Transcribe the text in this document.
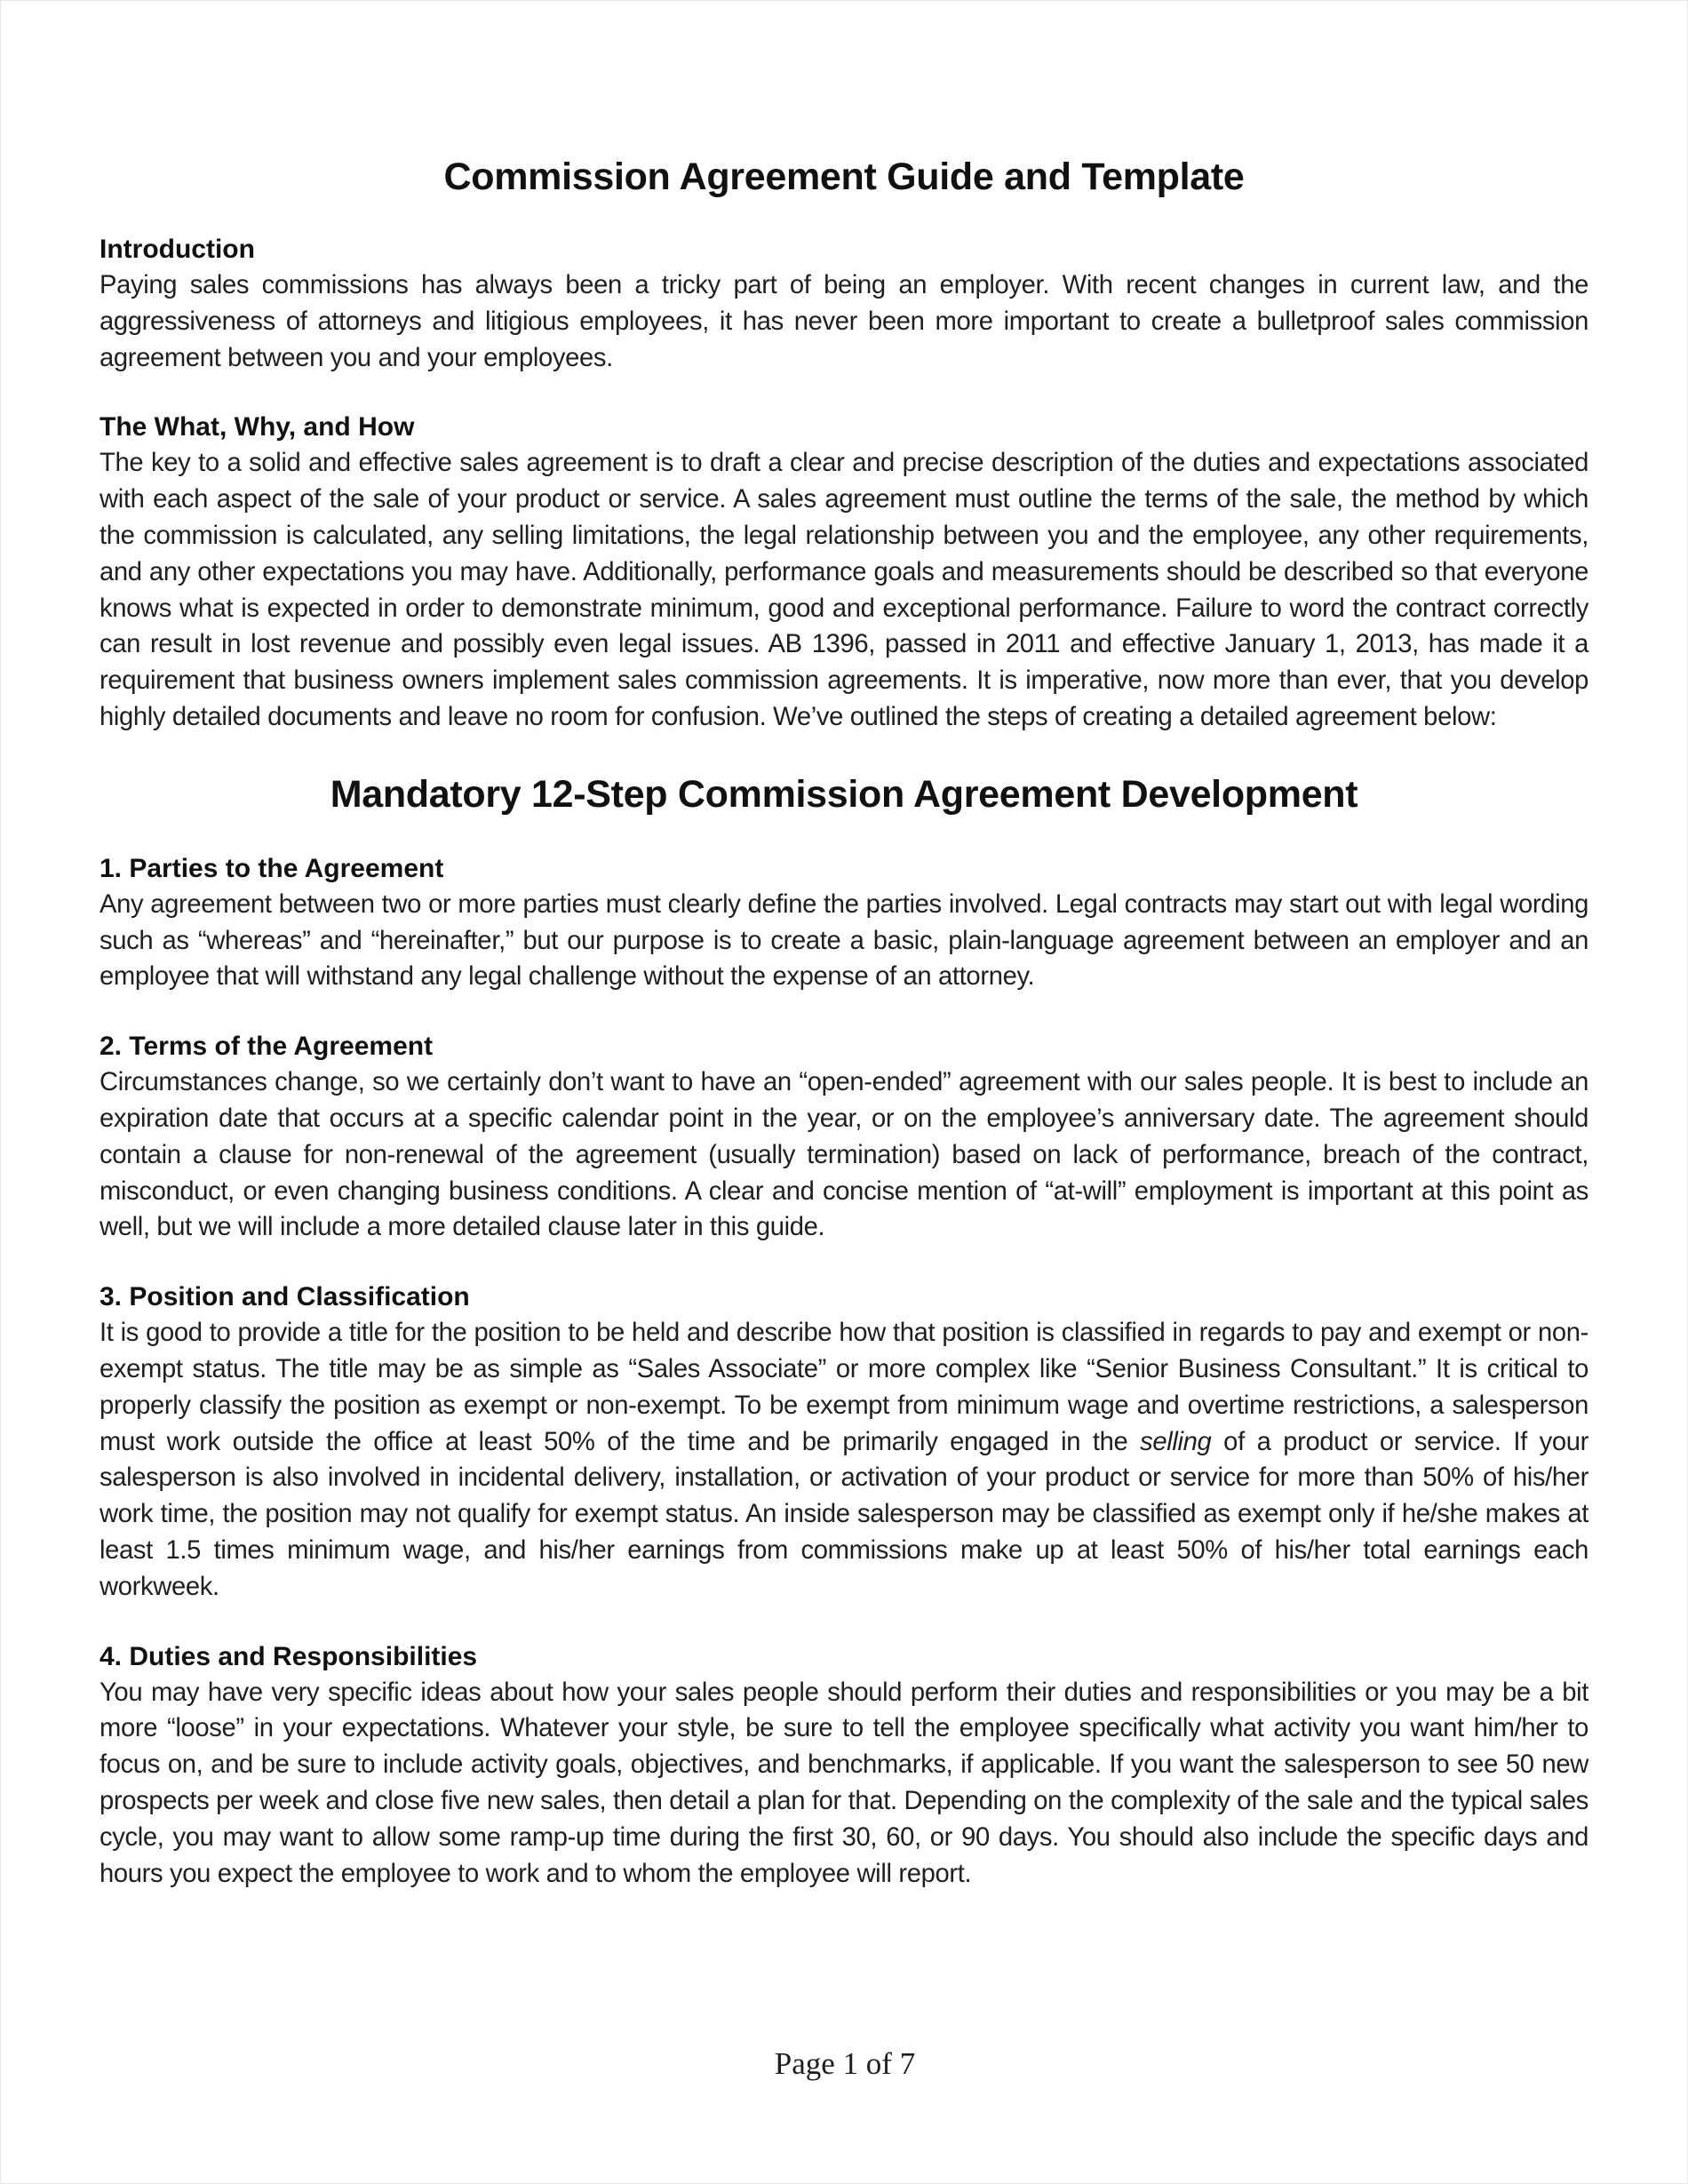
Commission Agreement Guide and Template

Introduction

Paying sales commissions has always been a tricky part of being an employer. With recent changes in current law, and the aggressiveness of attorneys and litigious employees, it has never been more important to create a bulletproof sales commission agreement between you and your employees.

The What, Why, and How

The key to a solid and effective sales agreement is to draft a clear and precise description of the duties and expectations associated with each aspect of the sale of your product or service. A sales agreement must outline the terms of the sale, the method by which the commission is calculated, any selling limitations, the legal relationship between you and the employee, any other requirements, and any other expectations you may have. Additionally, performance goals and measurements should be described so that everyone knows what is expected in order to demonstrate minimum, good and exceptional performance. Failure to word the contract correctly can result in lost revenue and possibly even legal issues. AB 1396, passed in 2011 and effective January 1, 2013, has made it a requirement that business owners implement sales commission agreements. It is imperative, now more than ever, that you develop highly detailed documents and leave no room for confusion. We’ve outlined the steps of creating a detailed agreement below:

Mandatory 12-Step Commission Agreement Development

1. Parties to the Agreement

Any agreement between two or more parties must clearly define the parties involved. Legal contracts may start out with legal wording such as “whereas” and “hereinafter,” but our purpose is to create a basic, plain-language agreement between an employer and an employee that will withstand any legal challenge without the expense of an attorney.

2. Terms of the Agreement

Circumstances change, so we certainly don’t want to have an “open-ended” agreement with our sales people. It is best to include an expiration date that occurs at a specific calendar point in the year, or on the employee’s anniversary date. The agreement should contain a clause for non-renewal of the agreement (usually termination) based on lack of performance, breach of the contract, misconduct, or even changing business conditions. A clear and concise mention of “at-will” employment is important at this point as well, but we will include a more detailed clause later in this guide.

3. Position and Classification

It is good to provide a title for the position to be held and describe how that position is classified in regards to pay and exempt or non-exempt status. The title may be as simple as “Sales Associate” or more complex like “Senior Business Consultant.” It is critical to properly classify the position as exempt or non-exempt. To be exempt from minimum wage and overtime restrictions, a salesperson must work outside the office at least 50% of the time and be primarily engaged in the selling of a product or service. If your salesperson is also involved in incidental delivery, installation, or activation of your product or service for more than 50% of his/her work time, the position may not qualify for exempt status. An inside salesperson may be classified as exempt only if he/she makes at least 1.5 times minimum wage, and his/her earnings from commissions make up at least 50% of his/her total earnings each workweek.

4. Duties and Responsibilities

You may have very specific ideas about how your sales people should perform their duties and responsibilities or you may be a bit more “loose” in your expectations. Whatever your style, be sure to tell the employee specifically what activity you want him/her to focus on, and be sure to include activity goals, objectives, and benchmarks, if applicable. If you want the salesperson to see 50 new prospects per week and close five new sales, then detail a plan for that. Depending on the complexity of the sale and the typical sales cycle, you may want to allow some ramp-up time during the first 30, 60, or 90 days. You should also include the specific days and hours you expect the employee to work and to whom the employee will report.

Page 1 of 7
